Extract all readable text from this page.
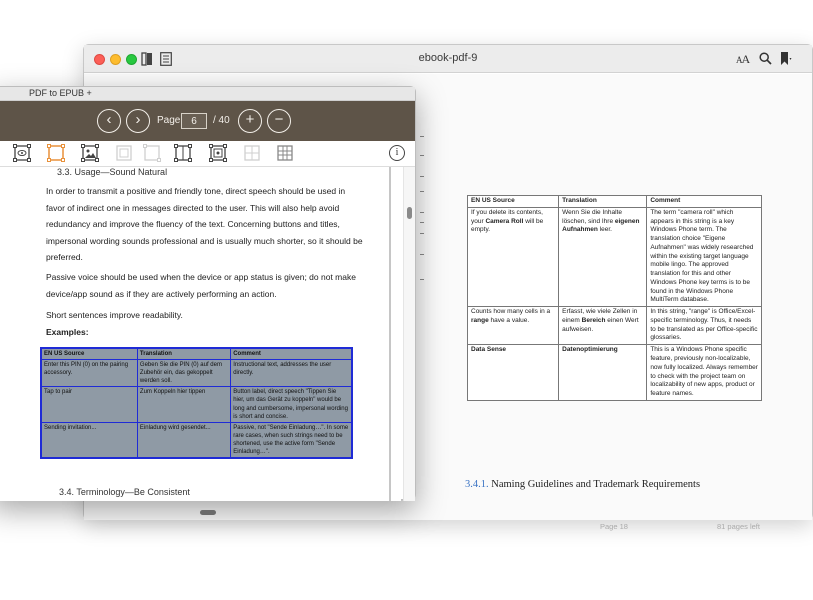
ebook-pdf-9	AA
EN US Source	Translation	Comment
If you delete its contents, your Camera Roll will be empty.	Wenn Sie die Inhalte löschen, sind Ihre eigenen Aufnahmen leer.	The term "camera roll" which appears in this string is a key Windows Phone term. The translation choice "Eigene Aufnahmen" was widely researched within the existing target language mobile lingo. The approved translation for this and other Windows Phone key terms is to be found in the Windows Phone MultiTerm database.
Counts how many cells in a range have a value.	Erfasst, wie viele Zellen in einem Bereich einen Wert aufweisen.	In this string, "range" is Office/Excel-specific terminology. Thus, it needs to be translated as per Office-specific glossaries.
Data Sense	Datenoptimierung	This is a Windows Phone specific feature, previously non-localizable, now fully localized. Always remember to check with the project team on localizability of new apps, product or feature names.
3.4.1. Naming Guidelines and Trademark Requirements
Page 18	81 pages left
PDF to EPUB +
‹	›	Page
6	/ 40	+	−
i
3.3. Usage—Sound Natural
In order to transmit a positive and friendly tone, direct speech should be used in favor of indirect one in messages directed to the user. This will also help avoid redundancy and improve the fluency of the text. Concerning buttons and titles, impersonal wording sounds professional and is usually much shorter, so it should be preferred.
Passive voice should be used when the device or app status is given; do not make device/app sound as if they are actively performing an action.
Short sentences improve readability.
Examples:
EN US Source	Translation	Comment
Enter this PIN (0) on the pairing accessory.	Geben Sie die PIN (0) auf dem Zubehör ein, das gekoppelt werden soll.	Instructional text, addresses the user directly.
Tap to pair	Zum Koppeln hier tippen	Button label, direct speech "Tippen Sie hier, um das Gerät zu koppeln" would be long and cumbersome, impersonal wording is short and concise.
Sending invitation...	Einladung wird gesendet...	Passive, not "Sende Einladung…". In some rare cases, when such strings need to be shortened, use the active form "Sende Einladung…".
3.4. Terminology—Be Consistent
